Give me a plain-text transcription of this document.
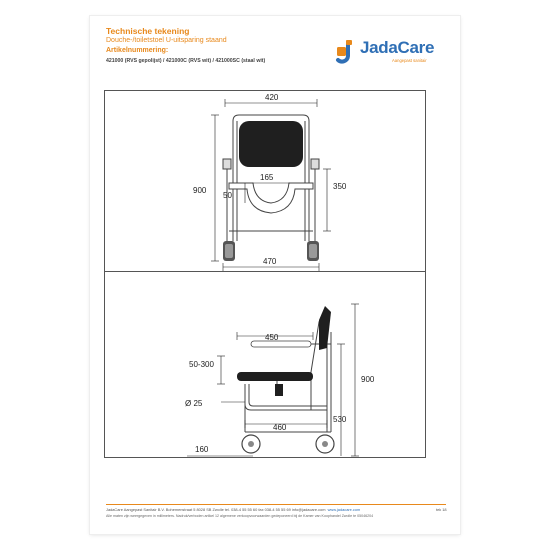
Technische tekening
Douche-/toiletstoel U-uitsparing staand
Artikelnummering:
421000 (RVS gepolijst) / 421000C (RVS wit) / 421000SC (staal wit)
JadaCare
Aangepast sanitair
420
900
165
50
350
470
450
50-300
Ø 25
900
460
530
160
JadaCare Aangepast Sanitair B.V. Bohemenstraat 5 8028 SB Zwolle tel. 038-4 55 55 60 fax 038-4 55 55 69 info@jadacare.com www.jadacare.com	tek 18
Alle maten zijn weergegeven in millimeters. Nadruk/verboden artikel 12 algemene verkoopvoorwaarden gedeponeerd bij de Kamer van Koophandel Zwolle te 05046204
